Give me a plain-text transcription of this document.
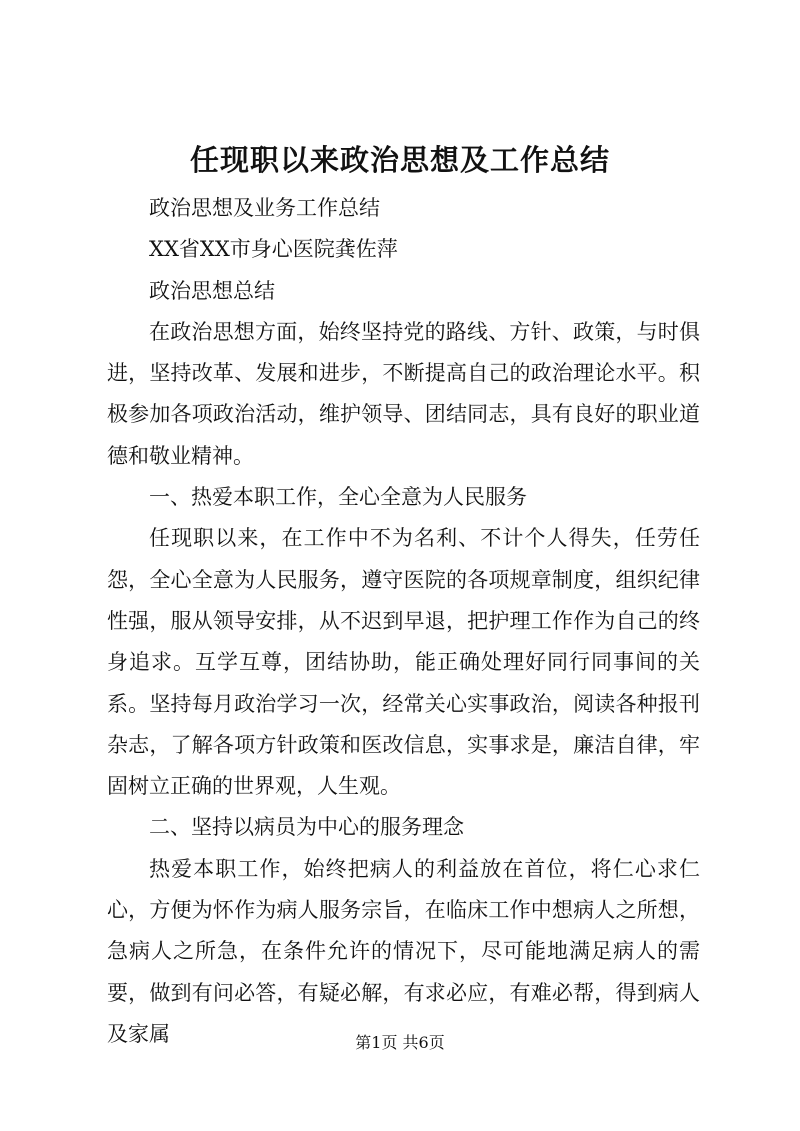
任现职以来政治思想及工作总结

政治思想及业务工作总结

XX省XX市身心医院龚佐萍

政治思想总结

在政治思想方面，始终坚持党的路线、方针、政策，与时俱进，坚持改革、发展和进步，不断提高自己的政治理论水平。积极参加各项政治活动，维护领导、团结同志，具有良好的职业道德和敬业精神。

一、热爱本职工作，全心全意为人民服务

任现职以来，在工作中不为名利、不计个人得失，任劳任怨，全心全意为人民服务，遵守医院的各项规章制度，组织纪律性强，服从领导安排，从不迟到早退，把护理工作作为自己的终身追求。互学互尊，团结协助，能正确处理好同行同事间的关系。坚持每月政治学习一次，经常关心实事政治，阅读各种报刊杂志，了解各项方针政策和医改信息，实事求是，廉洁自律，牢固树立正确的世界观，人生观。

二、坚持以病员为中心的服务理念

热爱本职工作，始终把病人的利益放在首位，将仁心求仁心，方便为怀作为病人服务宗旨，在临床工作中想病人之所想，急病人之所急，在条件允许的情况下，尽可能地满足病人的需要，做到有问必答，有疑必解，有求必应，有难必帮，得到病人及家属	第1页 共6页
